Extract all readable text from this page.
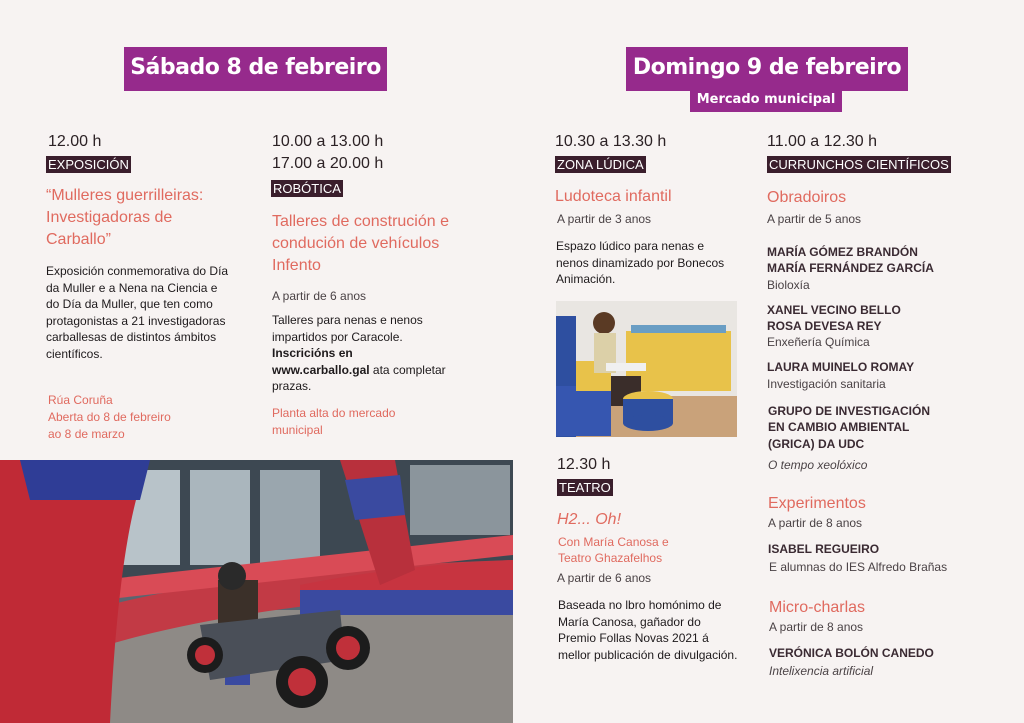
Sábado 8 de febreiro
12.00 h
EXPOSICIÓN
“Mulleres guerrilleiras: Investigadoras de Carballo”
Exposición conmemorativa do Día da Muller e a Nena na Ciencia e do Día da Muller, que ten como protagonistas a 21 investigadoras carballesas de distintos ámbitos científicos.
Rúa Coruña
Aberta do 8 de febreiro
ao 8 de marzo
10.00 a 13.00 h
17.00 a 20.00 h
ROBÓTICA
Talleres de construción e condución de vehículos Infento
A partir de 6 anos
Talleres para nenas e nenos impartidos por Caracole. Inscricións en www.carballo.gal ata completar prazas.
Planta alta do mercado municipal
Domingo 9 de febreiro
Mercado municipal
10.30 a 13.30 h
ZONA LÚDICA
Ludoteca infantil
A partir de 3 anos
Espazo lúdico para nenas e nenos dinamizado por Bonecos Animación.
12.30 h
TEATRO
H2... Oh!
Con María Canosa e
Teatro Ghazafelhos
A partir de 6 anos
Baseada no lbro homónimo de María Canosa, gañador do Premio Follas Novas 2021 á mellor publicación de divulgación.
11.00 a 12.30 h
CURRUNCHOS CIENTÍFICOS
Obradoiros
A partir de 5 anos
MARÍA GÓMEZ BRANDÓN
MARÍA FERNÁNDEZ GARCÍA
Bioloxía
XANEL VECINO BELLO
ROSA DEVESA REY
Enxeñería Química
LAURA MUINELO ROMAY
Investigación sanitaria
GRUPO DE INVESTIGACIÓN
EN CAMBIO AMBIENTAL
(GRICA) DA UDC
O tempo xeolóxico
Experimentos
A partir de 8 anos
ISABEL REGUEIRO
E alumnas do IES Alfredo Brañas
Micro-charlas
A partir de 8 anos
VERÓNICA BOLÓN CANEDO
Intelixencia artificial
